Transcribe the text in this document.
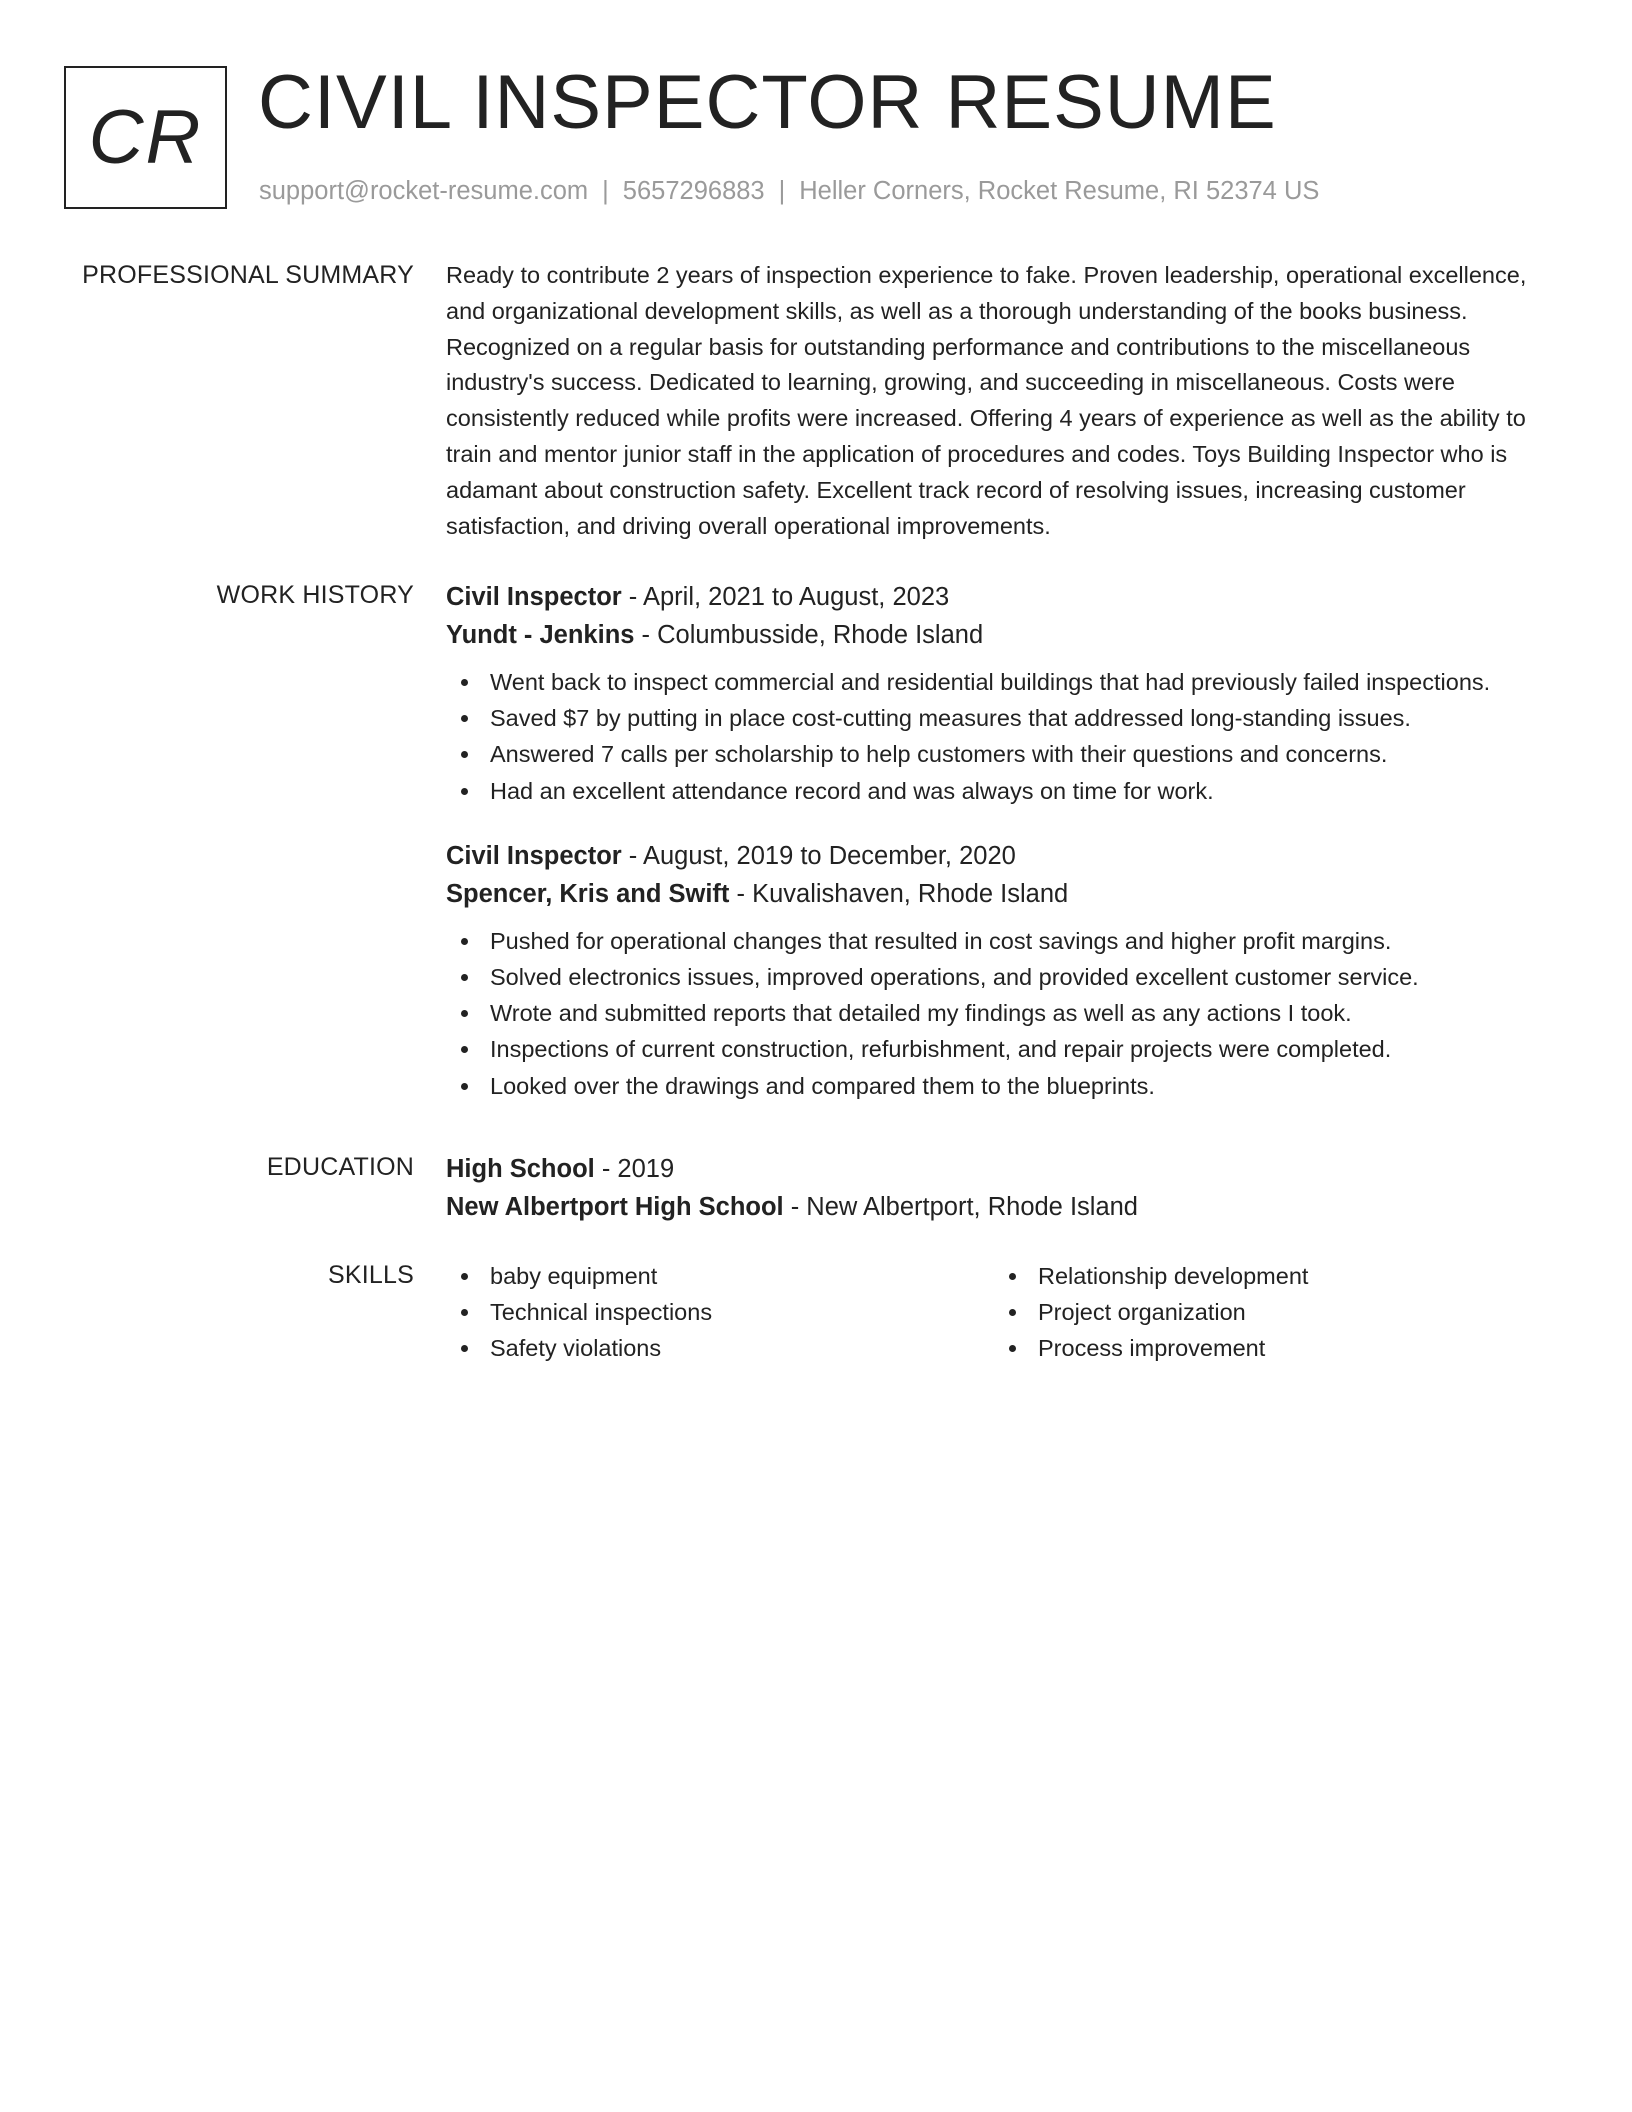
CR CIVIL INSPECTOR RESUME
support@rocket-resume.com | 5657296883 | Heller Corners, Rocket Resume, RI 52374 US
PROFESSIONAL SUMMARY Ready to contribute 2 years of inspection experience to fake. Proven leadership, operational excellence, and organizational development skills, as well as a thorough understanding of the books business. Recognized on a regular basis for outstanding performance and contributions to the miscellaneous industry's success. Dedicated to learning, growing, and succeeding in miscellaneous. Costs were consistently reduced while profits were increased. Offering 4 years of experience as well as the ability to train and mentor junior staff in the application of procedures and codes. Toys Building Inspector who is adamant about construction safety. Excellent track record of resolving issues, increasing customer satisfaction, and driving overall operational improvements.

WORK HISTORY Civil Inspector - April, 2021 to August, 2023
Yundt - Jenkins - Columbusside, Rhode Island
Went back to inspect commercial and residential buildings that had previously failed inspections.
Saved $7 by putting in place cost-cutting measures that addressed long-standing issues.
Answered 7 calls per scholarship to help customers with their questions and concerns.
Had an excellent attendance record and was always on time for work.
Civil Inspector - August, 2019 to December, 2020
Spencer, Kris and Swift - Kuvalishaven, Rhode Island
Pushed for operational changes that resulted in cost savings and higher profit margins.
Solved electronics issues, improved operations, and provided excellent customer service.
Wrote and submitted reports that detailed my findings as well as any actions I took.
Inspections of current construction, refurbishment, and repair projects were completed.
Looked over the drawings and compared them to the blueprints.
EDUCATION High School - 2019
New Albertport High School - New Albertport, Rhode Island
SKILLS	baby equipment
Technical inspections
Safety violations
Relationship development
Project organization
Process improvement
